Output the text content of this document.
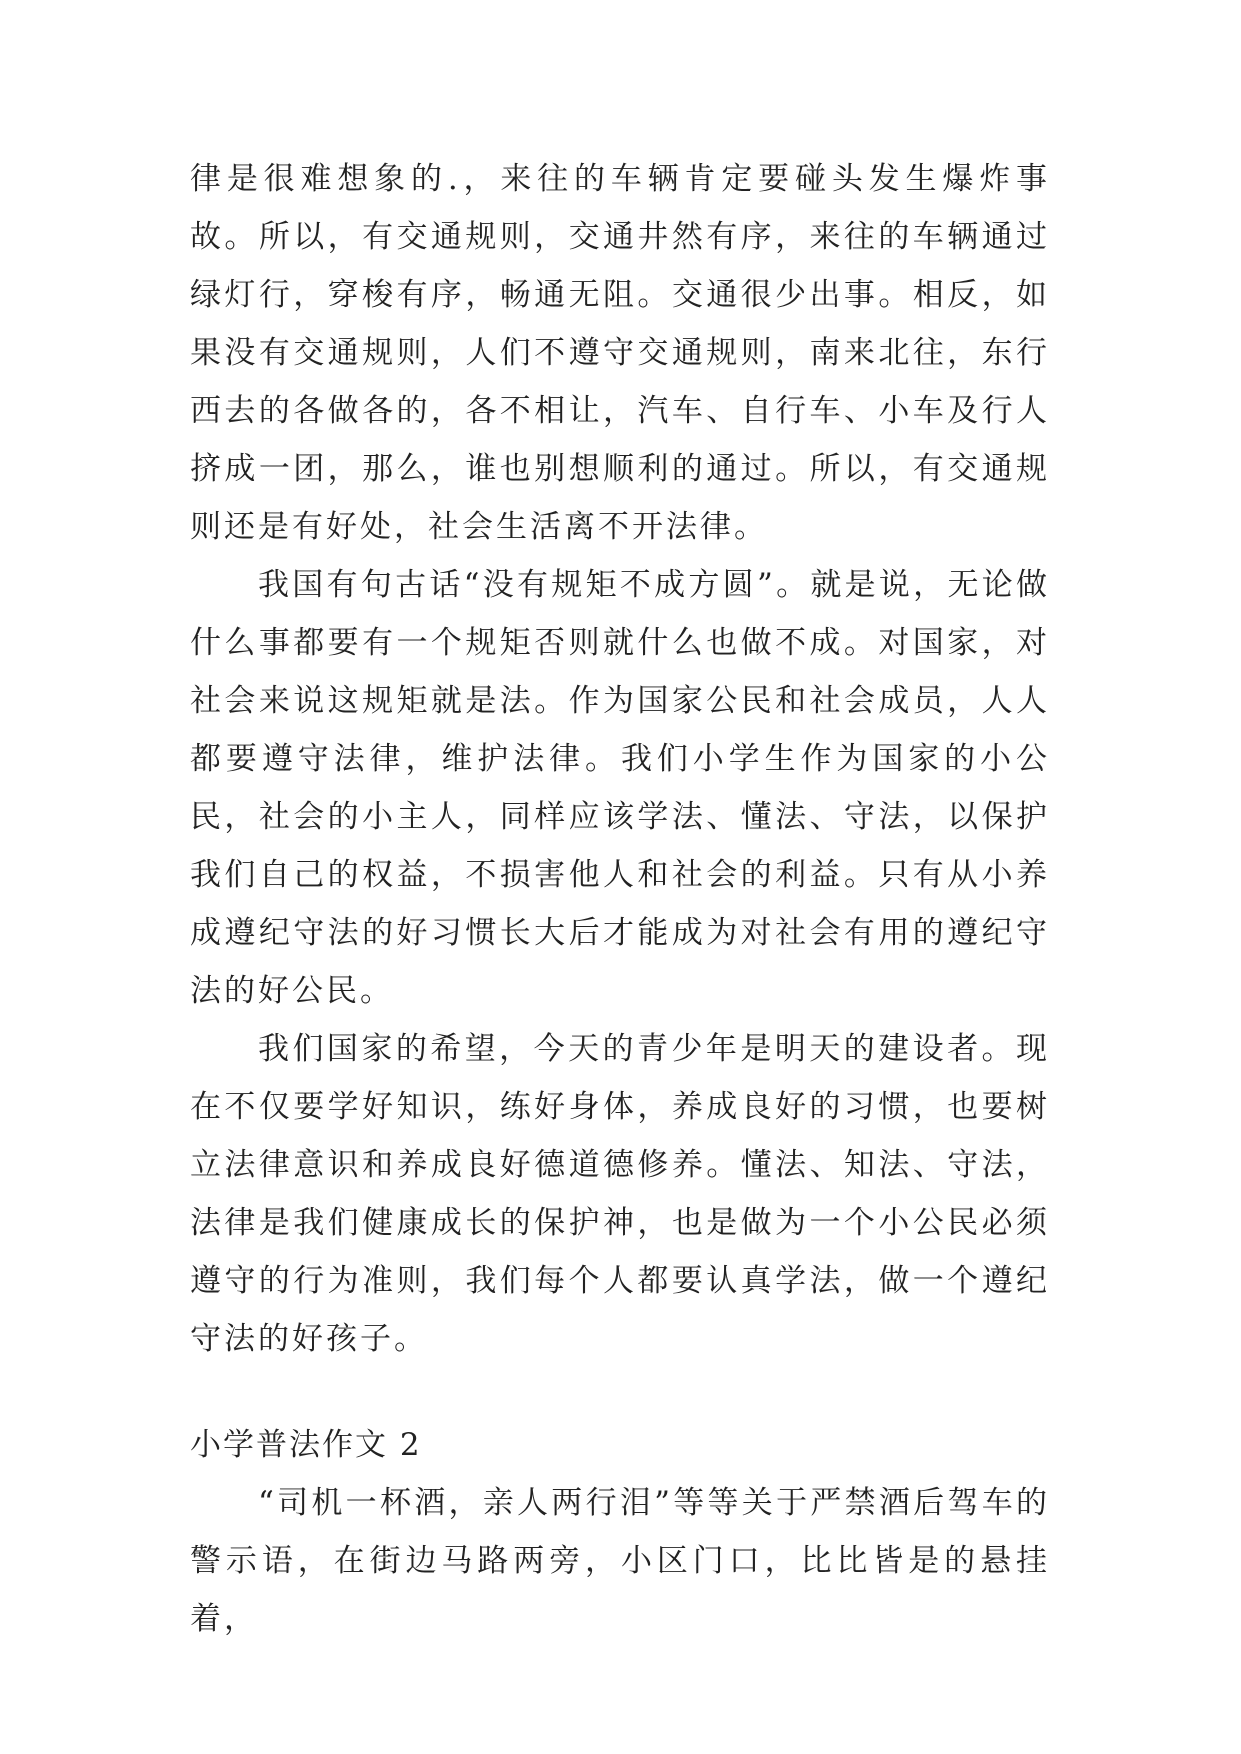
律是很难想象的.，来往的车辆肯定要碰头发生爆炸事故。所以，有交通规则，交通井然有序，来往的车辆通过绿灯行，穿梭有序，畅通无阻。交通很少出事。相反，如果没有交通规则，人们不遵守交通规则，南来北往，东行西去的各做各的，各不相让，汽车、自行车、小车及行人挤成一团，那么，谁也别想顺利的通过。所以，有交通规则还是有好处，社会生活离不开法律。

我国有句古话“没有规矩不成方圆”。就是说，无论做什么事都要有一个规矩否则就什么也做不成。对国家，对社会来说这规矩就是法。作为国家公民和社会成员，人人都要遵守法律，维护法律。我们小学生作为国家的小公民，社会的小主人，同样应该学法、懂法、守法，以保护我们自己的权益，不损害他人和社会的利益。只有从小养成遵纪守法的好习惯长大后才能成为对社会有用的遵纪守法的好公民。

我们国家的希望，今天的青少年是明天的建设者。现在不仅要学好知识，练好身体，养成良好的习惯，也要树立法律意识和养成良好德道德修养。懂法、知法、守法，法律是我们健康成长的保护神，也是做为一个小公民必须遵守的行为准则，我们每个人都要认真学法，做一个遵纪守法的好孩子。

小学普法作文 2

“司机一杯酒，亲人两行泪”等等关于严禁酒后驾车的警示语，在街边马路两旁，小区门口，比比皆是的悬挂着，
